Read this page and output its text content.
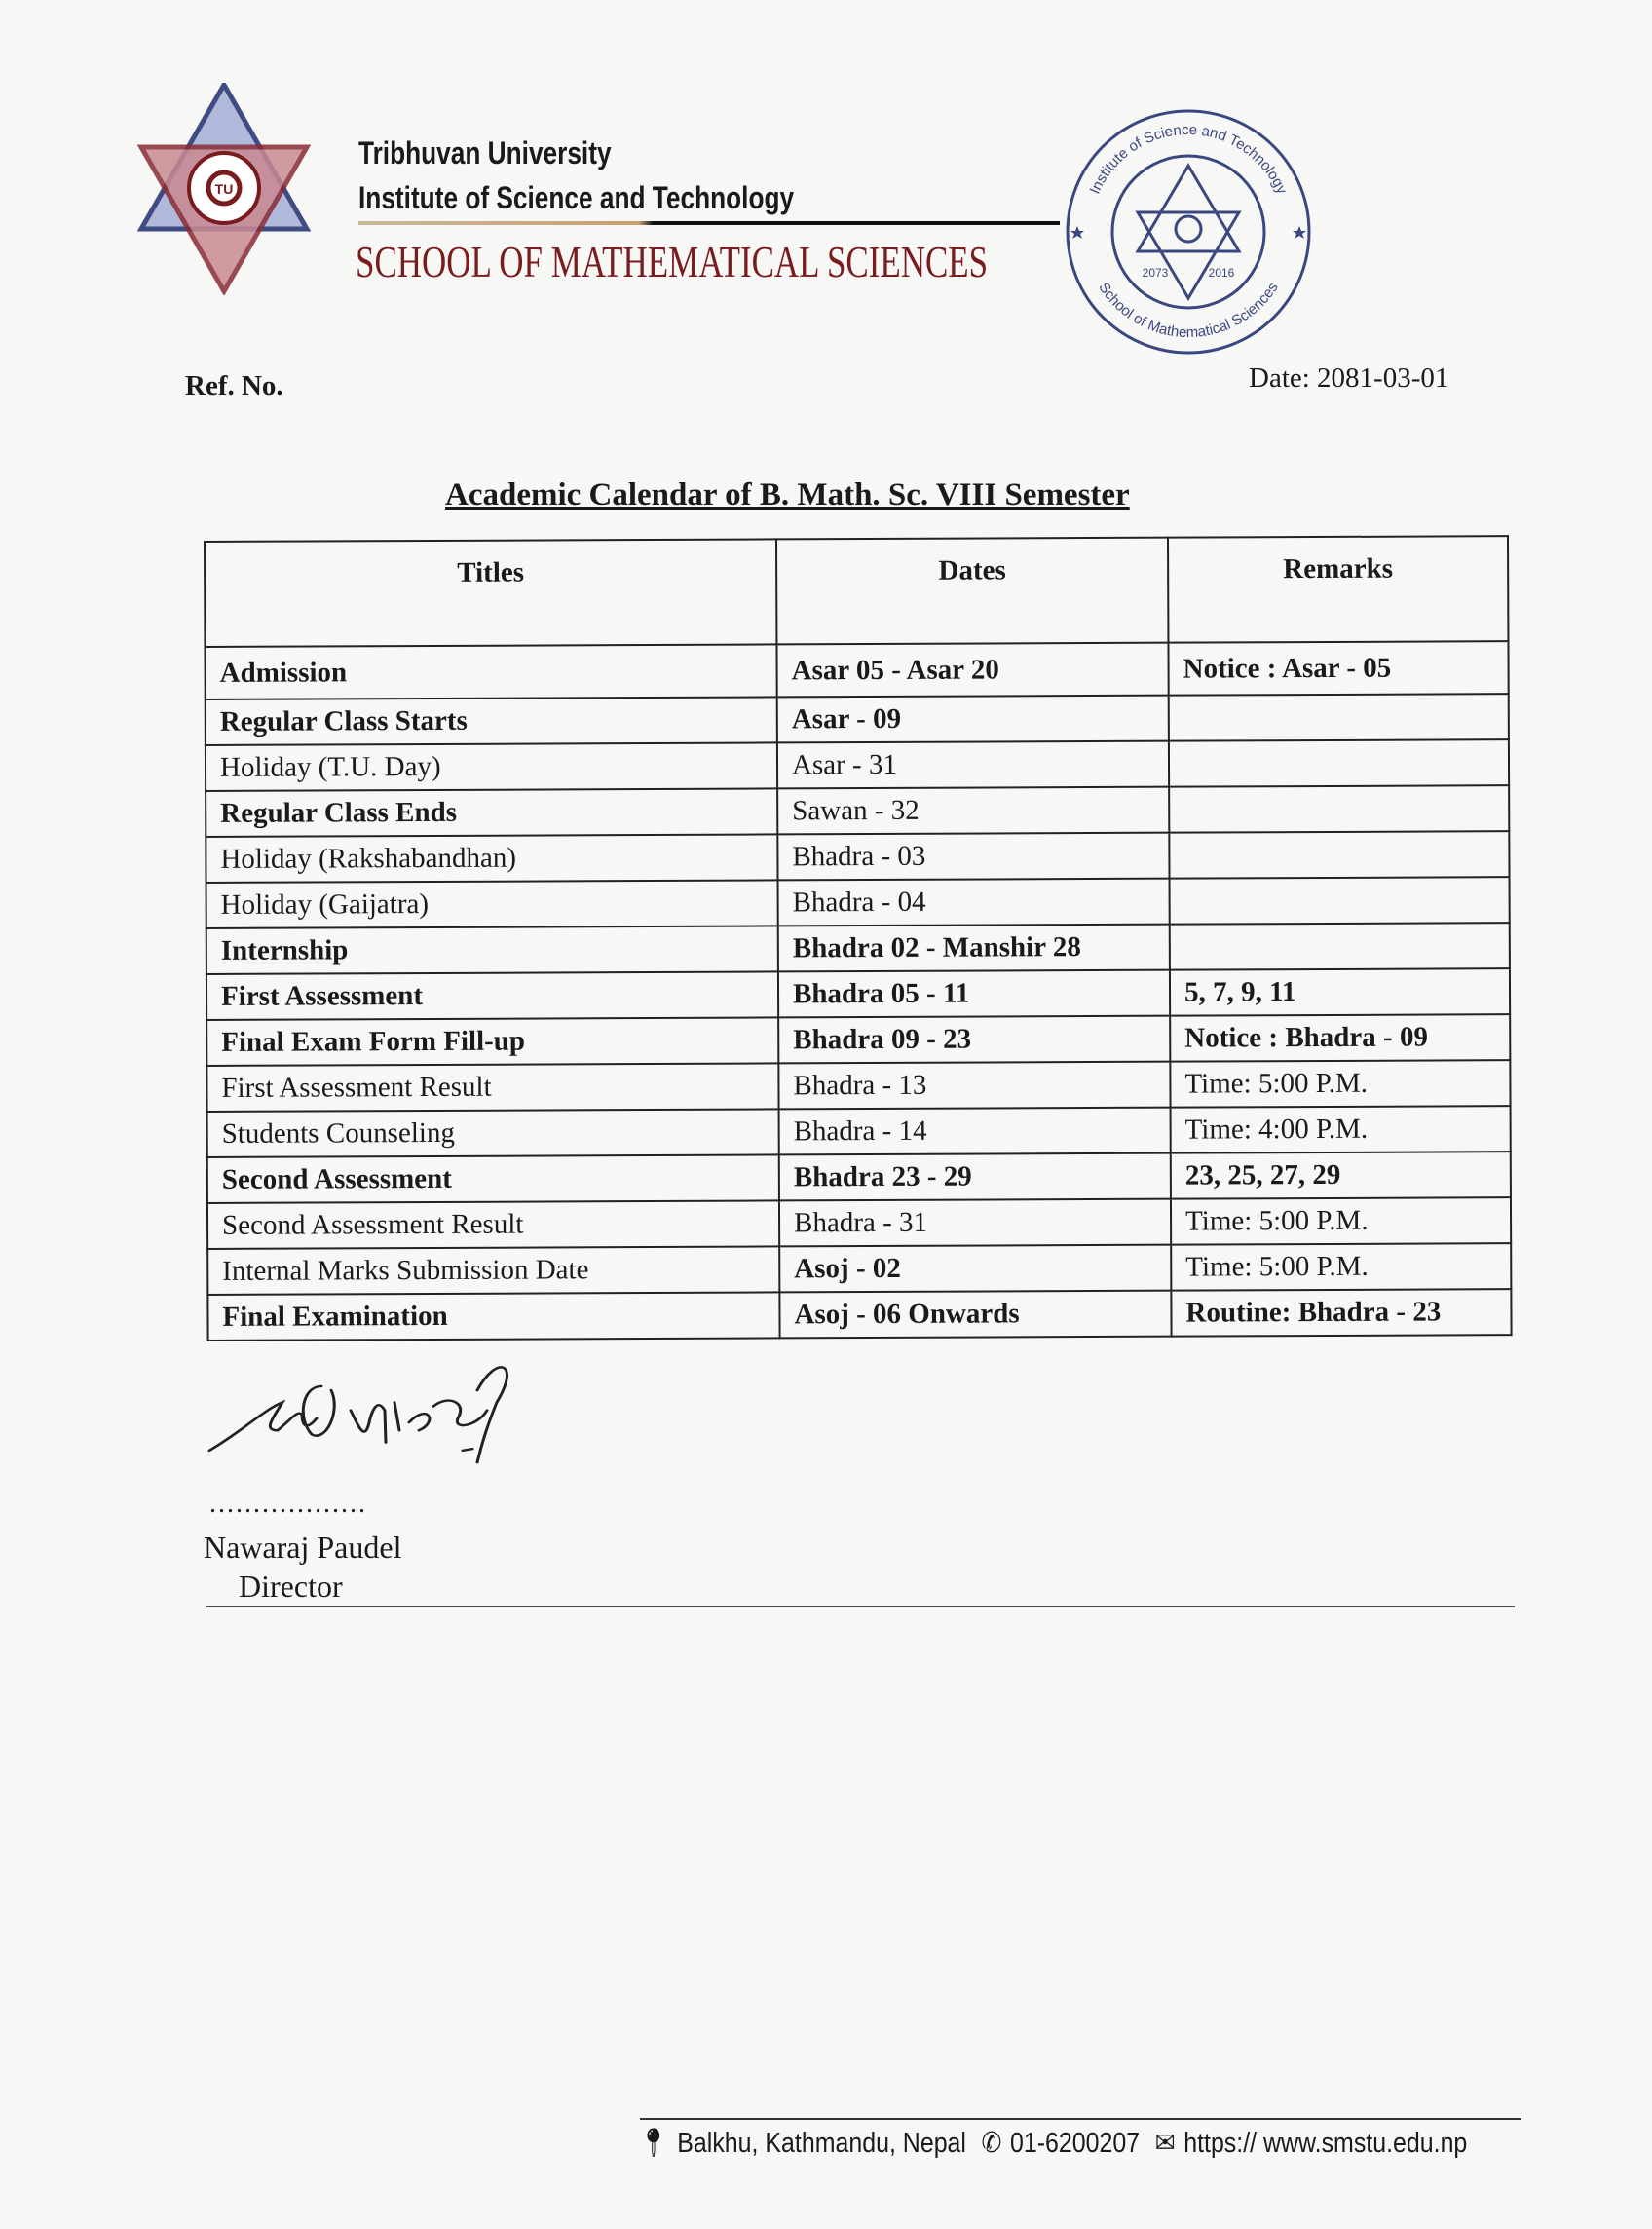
TU
Tribhuvan University
Institute of Science and Technology
SCHOOL OF MATHEMATICAL SCIENCES
Institute of Science and Technology
School of Mathematical Sciences
2073	2016
Ref. No.	Date: 2081-03-01
Academic Calendar of B. Math. Sc. VIII Semester
Titles	Dates	Remarks
Admission	Asar 05 - Asar 20	Notice : Asar - 05
Regular Class Starts	Asar - 09	
Holiday (T.U. Day)	Asar - 31	
Regular Class Ends	Sawan - 32	
Holiday (Rakshabandhan)	Bhadra - 03	
Holiday (Gaijatra)	Bhadra - 04	
Internship	Bhadra 02 - Manshir 28	
First Assessment	Bhadra 05 - 11	5, 7, 9, 11
Final Exam Form Fill-up	Bhadra 09 - 23	Notice : Bhadra - 09
First Assessment Result	Bhadra - 13	Time: 5:00 P.M.
Students Counseling	Bhadra - 14	Time: 4:00 P.M.
Second Assessment	Bhadra 23 - 29	23, 25, 27, 29
Second Assessment Result	Bhadra - 31	Time: 5:00 P.M.
Internal Marks Submission Date	Asoj - 02	Time: 5:00 P.M.
Final Examination	Asoj - 06 Onwards	Routine: Bhadra - 23
..................
Nawaraj Paudel
Director
📍︎ Balkhu, Kathmandu, Nepal ✆ 01-6200207 ✉ https:// www.smstu.edu.np
